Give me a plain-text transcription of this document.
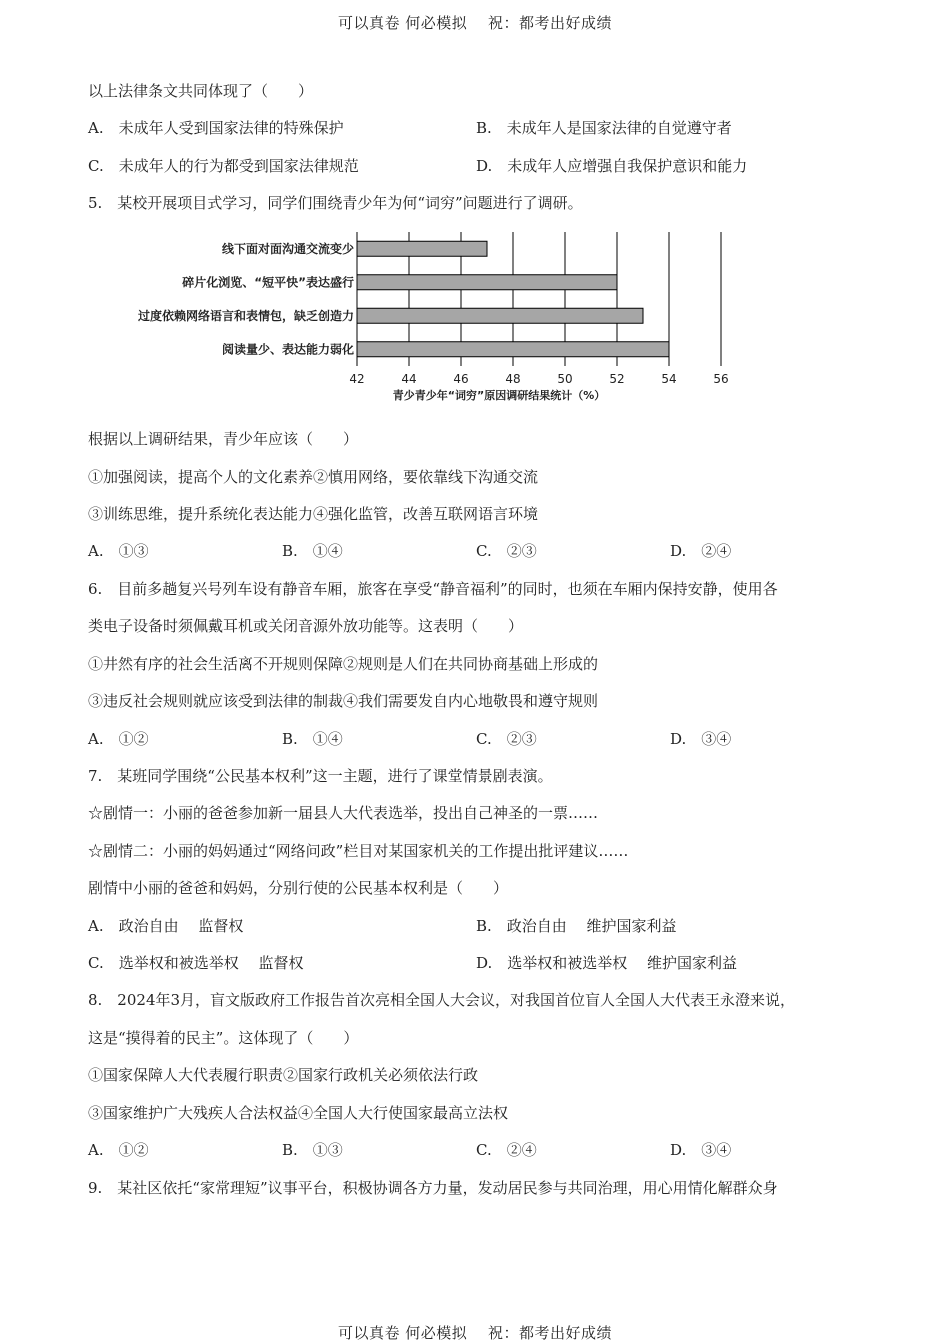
可以真卷 何必模拟　 祝：都考出好成绩
以上法律条文共同体现了（　　）
A.　未成年人受到国家法律的特殊保护	B.　未成年人是国家法律的自觉遵守者
C.　未成年人的行为都受到国家法律规范	D.　未成年人应增强自我保护意识和能力
5.　某校开展项目式学习，同学们围绕青少年为何“词穷”问题进行了调研。
线下面对面沟通交流变少
碎片化浏览、“短平快”表达盛行
过度依赖网络语言和表情包，缺乏创造力
阅读量少、表达能力弱化
42	44	46	48	50	52	54	56
青少青少年“词穷”原因调研结果统计（%）
根据以上调研结果，青少年应该（　　）
①加强阅读，提高个人的文化素养②慎用网络，要依靠线下沟通交流
③训练思维，提升系统化表达能力④强化监管，改善互联网语言环境
A.　①③	B.　①④	C.　②③	D.　②④
6.　目前多趟复兴号列车设有静音车厢，旅客在享受“静音福利”的同时，也须在车厢内保持安静，使用各
类电子设备时须佩戴耳机或关闭音源外放功能等。这表明（　　）
①井然有序的社会生活离不开规则保障②规则是人们在共同协商基础上形成的
③违反社会规则就应该受到法律的制裁④我们需要发自内心地敬畏和遵守规则
A.　①②	B.　①④	C.　②③	D.　③④
7.　某班同学围绕“公民基本权利”这一主题，进行了课堂情景剧表演。
☆剧情一：小丽的爸爸参加新一届县人大代表选举，投出自己神圣的一票……
☆剧情二：小丽的妈妈通过“网络问政”栏目对某国家机关的工作提出批评建议……
剧情中小丽的爸爸和妈妈，分别行使的公民基本权利是（　　）
A.　政治自由　 监督权	B.　政治自由　 维护国家利益
C.　选举权和被选举权　 监督权	D.　选举权和被选举权　 维护国家利益
8.　2024年3月，盲文版政府工作报告首次亮相全国人大会议，对我国首位盲人全国人大代表王永澄来说，
这是“摸得着的民主”。这体现了（　　）
①国家保障人大代表履行职责②国家行政机关必须依法行政
③国家维护广大残疾人合法权益④全国人大行使国家最高立法权
A.　①②	B.　①③	C.　②④	D.　③④
9.　某社区依托“家常理短”议事平台，积极协调各方力量，发动居民参与共同治理，用心用情化解群众身
可以真卷 何必模拟　 祝：都考出好成绩
